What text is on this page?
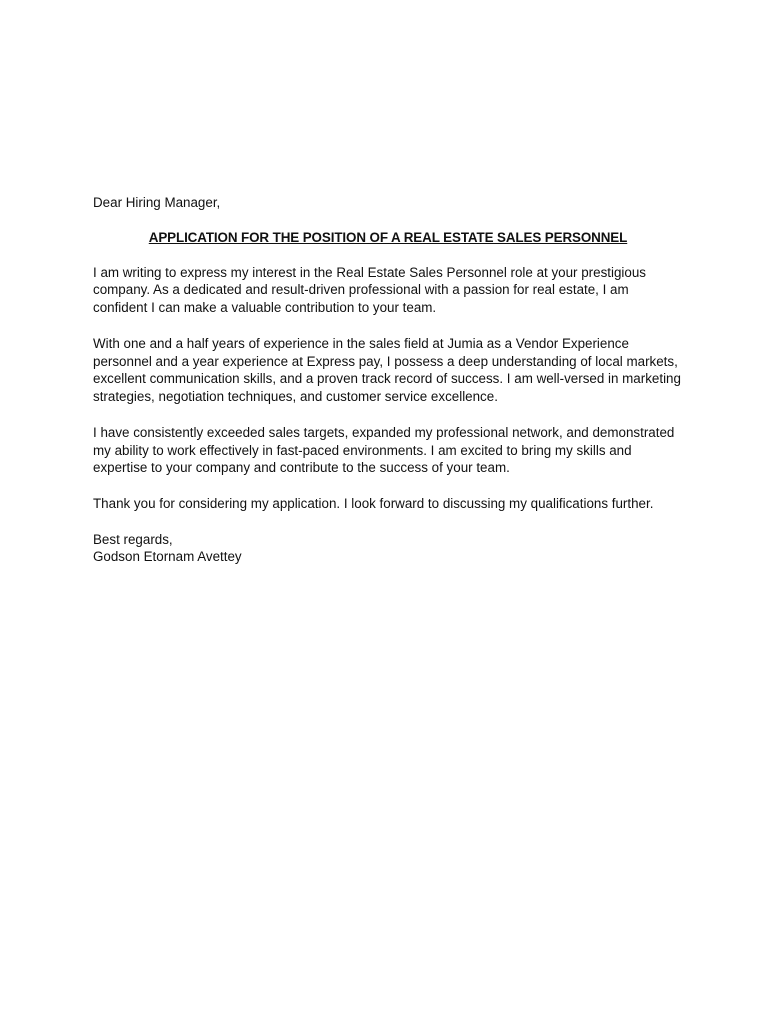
Dear Hiring Manager,

APPLICATION FOR THE POSITION OF A REAL ESTATE SALES PERSONNEL

I am writing to express my interest in the Real Estate Sales Personnel role at your prestigious company. As a dedicated and result-driven professional with a passion for real estate, I am confident I can make a valuable contribution to your team.

With one and a half years of experience in the sales field at Jumia as a Vendor Experience personnel and a year experience at Express pay, I possess a deep understanding of local markets, excellent communication skills, and a proven track record of success. I am well-versed in marketing strategies, negotiation techniques, and customer service excellence.

I have consistently exceeded sales targets, expanded my professional network, and demonstrated my ability to work effectively in fast-paced environments. I am excited to bring my skills and expertise to your company and contribute to the success of your team.

Thank you for considering my application. I look forward to discussing my qualifications further.

Best regards,

Godson Etornam Avettey
